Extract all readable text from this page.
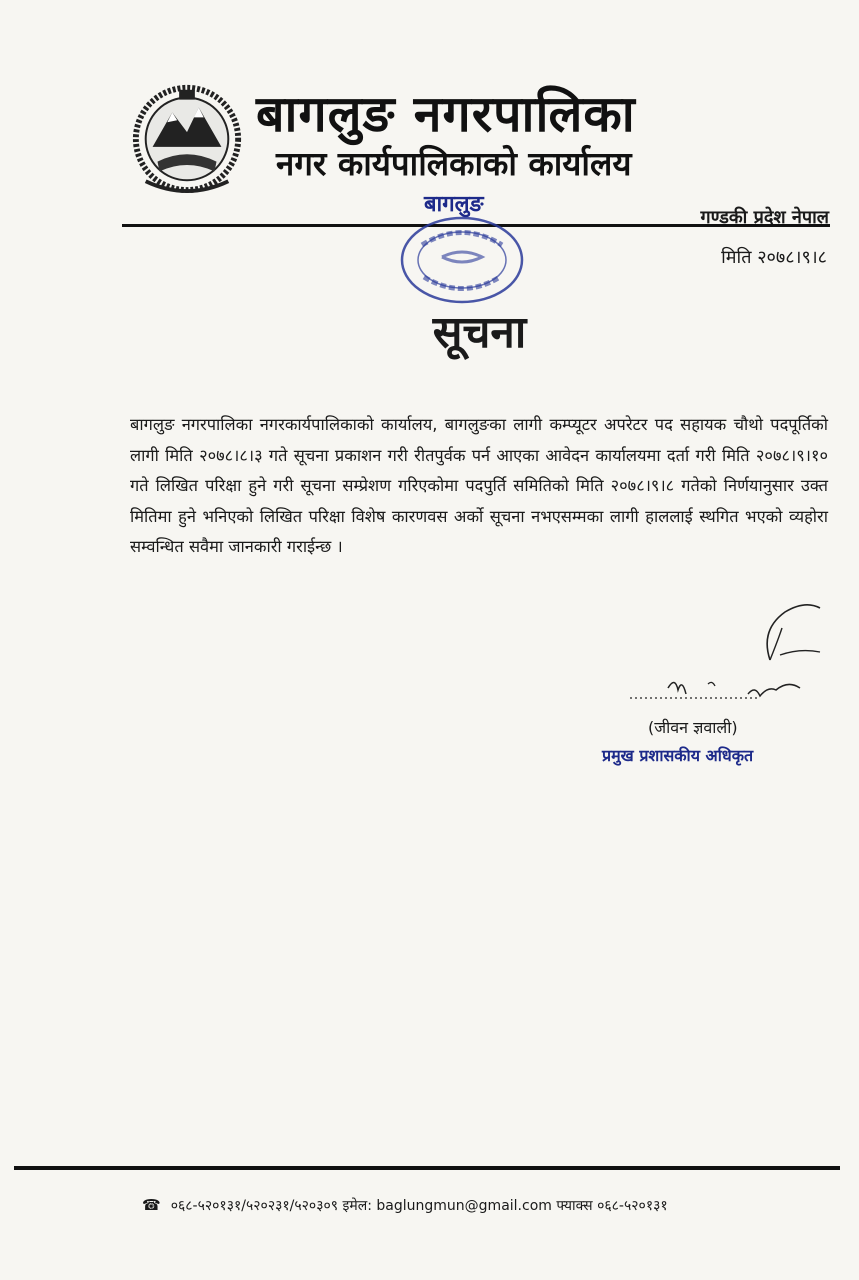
बागलुङ नगरपालिका
नगर कार्यपालिकाको कार्यालय
गण्डकी प्रदेश नेपाल
मिति २०७८।९।८
बागलुङ
सूचना
बागलुङ नगरपालिका नगरकार्यपालिकाको कार्यालय, बागलुङका लागी कम्प्यूटर अपरेटर पद सहायक चौथो पदपूर्तिको लागी मिति २०७८।८।३ गते सूचना प्रकाशन गरी रीतपुर्वक पर्न आएका आवेदन कार्यालयमा दर्ता गरी मिति २०७८।९।१० गते लिखित परिक्षा हुने गरी सूचना सम्प्रेशण गरिएकोमा पदपुर्ति समितिको मिति २०७८।९।८ गतेको निर्णयानुसार उक्त मितिमा हुने भनिएको लिखित परिक्षा विशेष कारणवस अर्को सूचना नभएसम्मका लागी हाललाई स्थगित भएको व्यहोरा सम्वन्धित सवैमा जानकारी गराईन्छ ।
(जीवन ज्ञवाली)
प्रमुख प्रशासकीय अधिकृत
☎ ०६८-५२०१३१/५२०२३१/५२०३०९ इमेल: baglungmun@gmail.com फ्याक्स ०६८-५२०१३१
